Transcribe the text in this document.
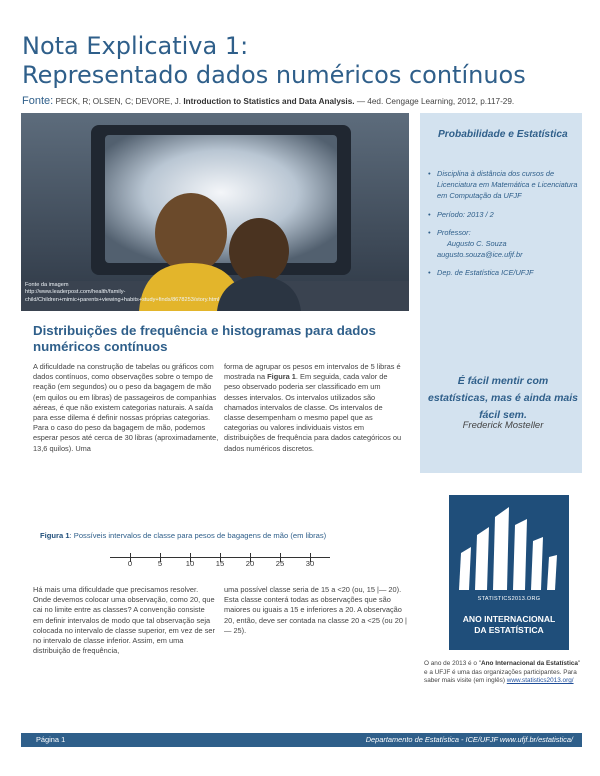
Nota Explicativa 1:
Representado dados numéricos contínuos
Fonte: PECK, R; OLSEN, C; DEVORE, J. Introduction to Statistics and Data Analysis. — 4ed. Cengage Learning, 2012, p.117-29.
Fonte da imagem
http://www.leaderpost.com/health/family-
child/Children+mimic+parents+viewing+habits+study+finds/8678253/story.html
Probabilidade e Estatística
• Disciplina à distância dos cursos de Licenciatura em Matemática e Licenciatura em Computação da UFJF
• Período: 2013 / 2
• Professor:
Augusto C. Souza
augusto.souza@ice.ufjf.br
• Dep. de Estatística ICE/UFJF
É fácil mentir com estatísticas, mas é ainda mais fácil sem.
Frederick Mosteller
STATISTICS2013.ORG
ANO INTERNACIONAL
DA ESTATÍSTICA
O ano de 2013 é o "Ano Internacional da Estatística" e a UFJF é uma das organizações participantes. Para saber mais visite (em inglês) www.statistics2013.org/
Distribuições de frequência e histogramas para dados numéricos contínuos
A dificuldade na construção de tabelas ou gráficos com dados contínuos, como observações sobre o tempo de reação (em segundos) ou o peso da bagagem de mão (em quilos ou em libras) de passageiros de companhias aéreas, é que não existem categorias naturais. A saída para esse dilema é definir nossas próprias categorias. Para o caso do peso da bagagem de mão, podemos esperar pesos até cerca de 30 libras (aproximadamente, 13,6 quilos). Uma
forma de agrupar os pesos em intervalos de 5 libras é mostrada na Figura 1. Em seguida, cada valor de peso observado poderia ser classificado em um desses intervalos. Os intervalos utilizados são chamados intervalos de classe. Os intervalos de classe desempenham o mesmo papel que as categorias ou valores individuais vistos em distribuições de frequência para dados categóricos ou dados numéricos discretos.
Figura 1: Possíveis intervalos de classe para pesos de bagagens de mão (em libras)
0	5	10	15	20	25	30
Há mais uma dificuldade que precisamos resolver. Onde devemos colocar uma observação, como 20, que cai no limite entre as classes? A convenção consiste em definir intervalos de modo que tal observação seja colocada no intervalo de classe superior, em vez de ser no intervalo de classe inferior. Assim, em uma distribuição de frequência,
uma possível classe seria de 15 a <20 (ou, 15 |— 20). Esta classe conterá todas as observações que são maiores ou iguais a 15 e inferiores a 20. A observação 20, então, deve ser contada na classe 20 a <25 (ou 20 |— 25).
Página 1	Departamento de Estatística - ICE/UFJF www.ufjf.br/estatistica/
